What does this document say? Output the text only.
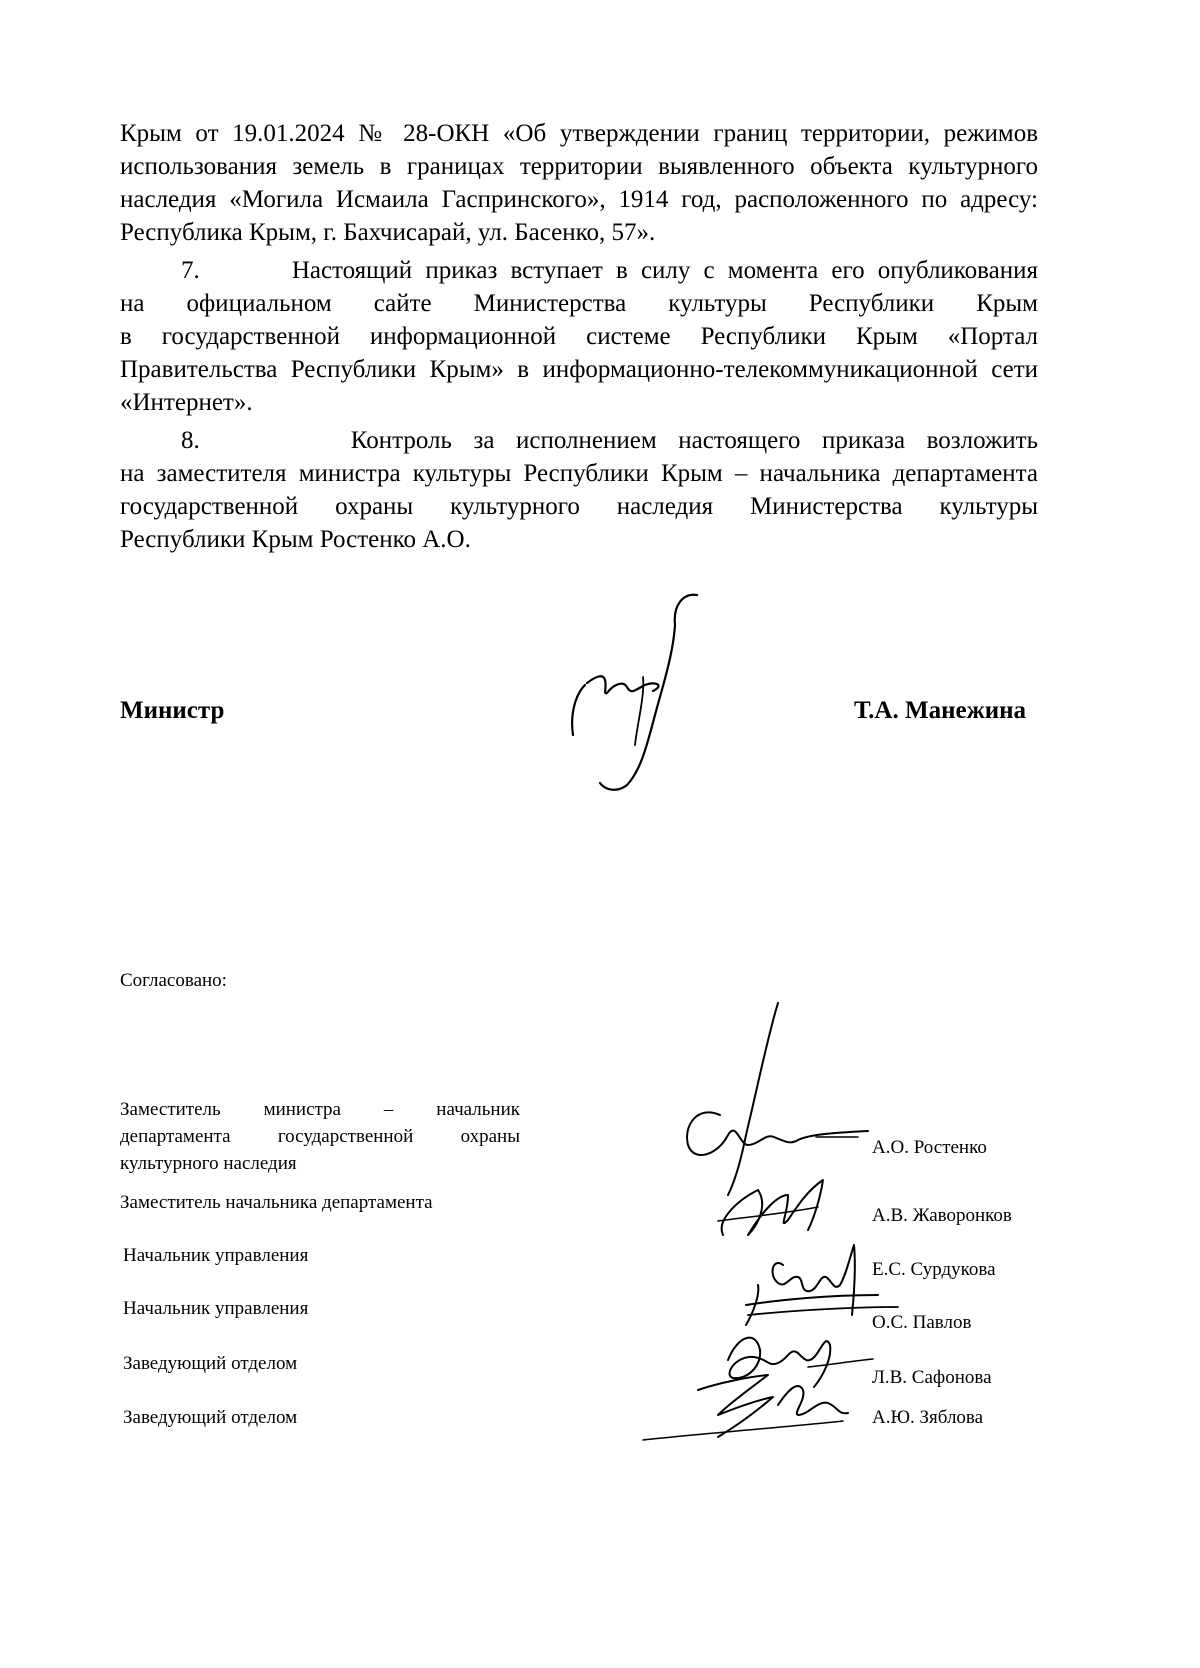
Крым от 19.01.2024 № 28-ОКН «Об утверждении границ территории, режимов
использования земель в границах территории выявленного объекта культурного
наследия «Могила Исмаила Гаспринского», 1914 год, расположенного по адресу:
Республика Крым, г. Бахчисарай, ул. Басенко, 57».
7.       Настоящий приказ вступает в силу с момента его опубликования
на официальном сайте Министерства культуры Республики Крым
в государственной информационной системе Республики Крым «Портал
Правительства Республики Крым» в информационно-телекоммуникационной сети
«Интернет».
8.       Контроль за исполнением настоящего приказа возложить
на заместителя министра культуры Республики Крым – начальника департамента
государственной охраны культурного наследия Министерства культуры
Республики Крым Ростенко А.О.
Министр	Т.А. Манежина
Согласовано:
Заместитель министра – начальник
департамента государственной охраны
культурного наследия
А.О. Ростенко
Заместитель начальника департамента
А.В. Жаворонков
Начальник управления
Е.С. Сурдукова
Начальник управления
О.С. Павлов
Заведующий отделом
Л.В. Сафонова
Заведующий отделом	А.Ю. Зяблова
